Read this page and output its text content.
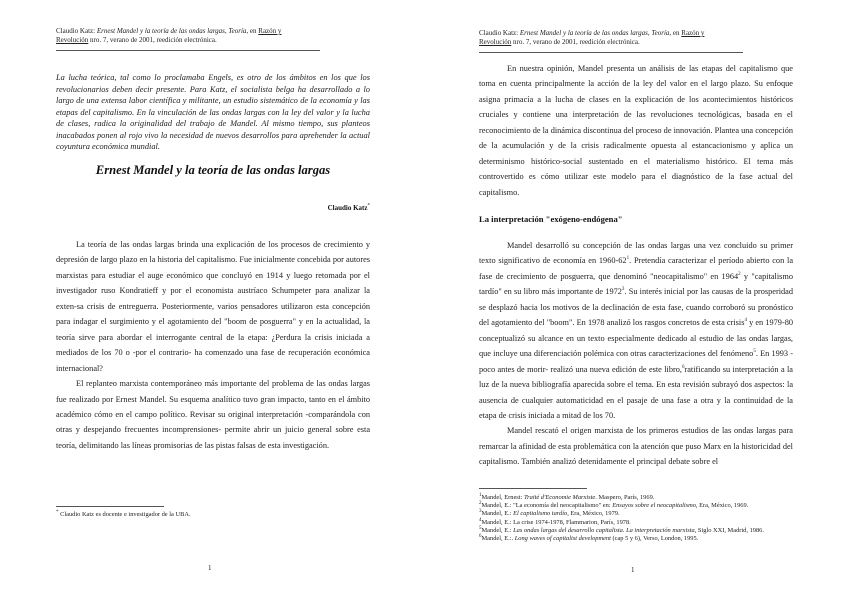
Claudio Katz: Ernest Mandel y la teoría de las ondas largas, Teoría, en Razón y
Revolución nro. 7, verano de 2001, reedición electrónica.
La lucha teórica, tal como lo proclamaba Engels, es otro de los ámbitos en los que los revolucionarios deben decir presente. Para Katz, el socialista belga ha desarrollado a lo largo de una extensa labor científica y militante, un estudio sistemático de la economía y las etapas del capitalismo. En la vinculación de las ondas largas con la ley del valor y la lucha de clases, radica la originalidad del trabajo de Mandel. Al mismo tiempo, sus planteos inacabados ponen al rojo vivo la necesidad de nuevos desarrollos para aprehender la actual coyuntura económica mundial.
Ernest Mandel y la teoría de las ondas largas
Claudio Katz*

La teoría de las ondas largas brinda una explicación de los procesos de crecimiento y depresión de largo plazo en la historia del capitalismo. Fue inicialmente concebida por autores marxistas para estudiar el auge económico que concluyó en 1914 y luego retomada por el investigador ruso Kondratieff y por el economista austríaco Schumpeter para analizar la exten-sa crisis de entreguerra. Posteriormente, varios pensadores utilizaron esta concepción para indagar el surgimiento y el agotamiento del "boom de posguerra" y en la actualidad, la teoría sirve para abordar el interrogante central de la etapa: ¿Perdura la crisis iniciada a mediados de los 70 o -por el contrario- ha comenzado una fase de recuperación económica internacional?

El replanteo marxista contemporáneo más importante del problema de las ondas largas fue realizado por Ernest Mandel. Su esquema analítico tuvo gran impacto, tanto en el ámbito académico cómo en el campo político. Revisar su original interpretación -comparándola con otras y despejando frecuentes incomprensiones- permite abrir un juicio general sobre esta teoría, delimitando las líneas promisorias de las pistas falsas de esta investigación.

* Claudio Katz es docente e investigador de la UBA.
1
Claudio Katz: Ernest Mandel y la teoría de las ondas largas, Teoría, en Razón y
Revolución nro. 7, verano de 2001, reedición electrónica.

En nuestra opinión, Mandel presenta un análisis de las etapas del capitalismo que toma en cuenta principalmente la acción de la ley del valor en el largo plazo. Su enfoque asigna primacía a la lucha de clases en la explicación de los acontecimientos históricos cruciales y contiene una interpretación de las revoluciones tecnológicas, basada en el reconocimiento de la dinámica discontinua del proceso de innovación. Plantea una concepción de la acumulación y de la crisis radicalmente opuesta al estancacionismo y aplica un determinismo histórico-social sustentado en el materialismo histórico. El tema más controvertido es cómo utilizar este modelo para el diagnóstico de la fase actual del capitalismo.

La interpretación "exógeno-endógena"

Mandel desarrolló su concepción de las ondas largas una vez concluido su primer texto significativo de economía en $1960-62^1$. Pretendía caracterizar el período abierto con la fase de crecimiento de posguerra, que denominó "neocapitalismo" en 1964$^2$ y "capitalismo tardío" en su libro más importante de 1972$^3$. Su interés inicial por las causas de la prosperidad se desplazó hacia los motivos de la declinación de esta fase, cuando corroboró su pronóstico del agotamiento del "boom". En 1978 analizó los rasgos concretos de esta crisis$^4$ y en 1979-80 conceptualizó su alcance en un texto especialmente dedicado al estudio de las ondas largas, que incluye una diferenciación polémica con otras caracterizaciones del fenómeno$^5$. En 1993 -poco antes de morir- realizó una nueva edición de este libro,$^6$ratificando su interpretación a la luz de la nueva bibliografía aparecida sobre el tema. En esta revisión subrayó dos aspectos: la ausencia de cualquier automaticidad en el pasaje de una fase a otra y la continuidad de la etapa de crisis iniciada a mitad de los 70.

Mandel rescató el origen marxista de los primeros estudios de las ondas largas para remarcar la afinidad de esta problemática con la atención que puso Marx en la historicidad del capitalismo. También analizó detenidamente el principal debate sobre el

$^1$Mandel, Ernest: Traité d'Economie Marxiste. Maspero, París, 1969.
$^2$Mandel, E.: "La economía del neocapitalismo" en: Ensayos sobre el neocapitalismo, Era, México, 1969.
$^3$Mandel, E.: El capitalismo tardío, Era, México, 1979.
$^4$Mandel, E.: La crise 1974-1978, Flammarion, París, 1978.
$^5$Mandel, E.: Las ondas largas del desarrollo capitalista. La interpretación marxista, Siglo XXI, Madrid, 1986.
$^6$Mandel, E.:. Long waves of capitalist development (cap 5 y 6), Verso, London, 1995.
1
